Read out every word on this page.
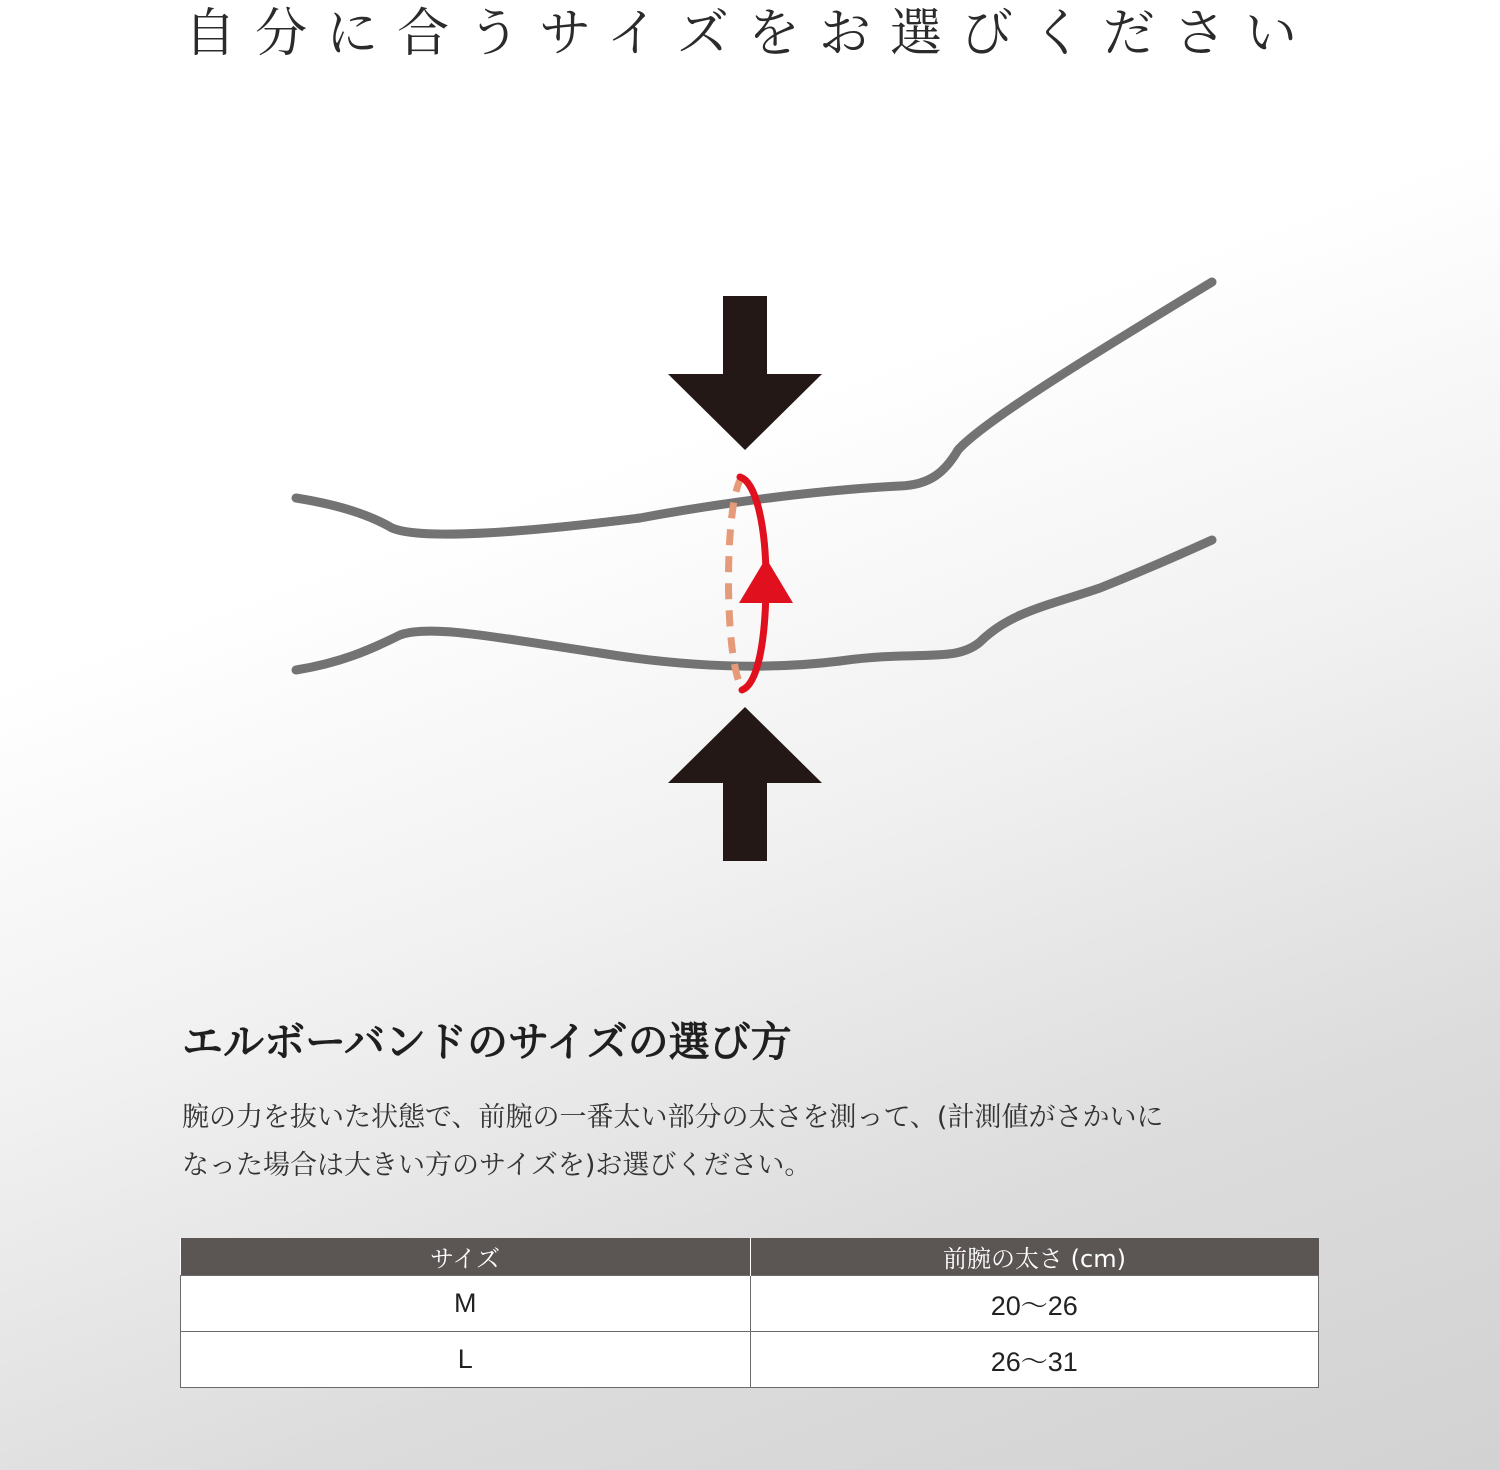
自分に合うサイズをお選びください
エルボーバンドのサイズの選び方

腕の力を抜いた状態で、前腕の一番太い部分の太さを測って、(計測値がさかいに

なった場合は大きい方のサイズを)お選びください。

サイズ	前腕の太さ (cm)
M	20〜26
L	26〜31
